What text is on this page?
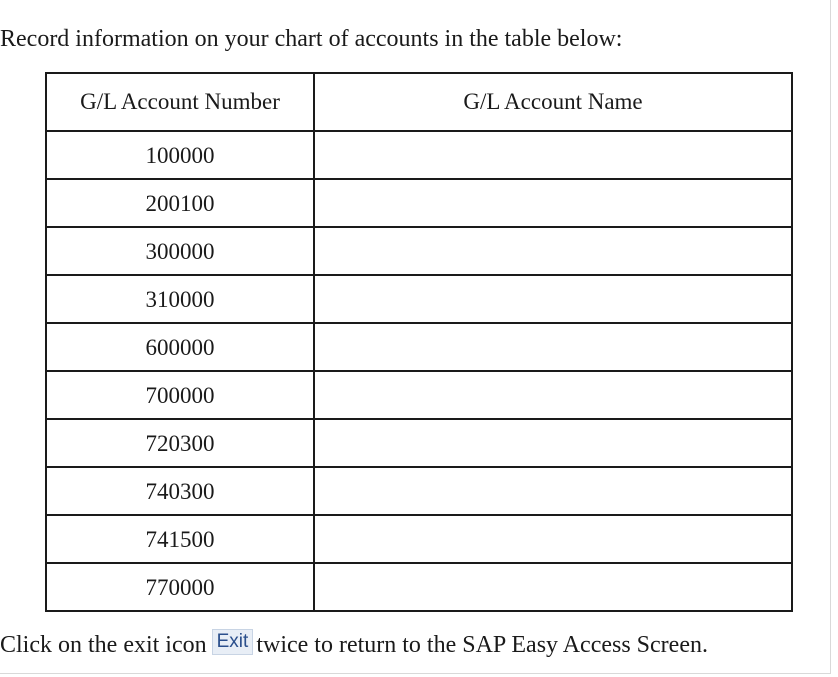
Record information on your chart of accounts in the table below:

G/L Account Number	G/L Account Name
100000	
200100	
300000	
310000	
600000	
700000	
720300	
740300	
741500	
770000	

Click on the exit icon Exit twice to return to the SAP Easy Access Screen.
